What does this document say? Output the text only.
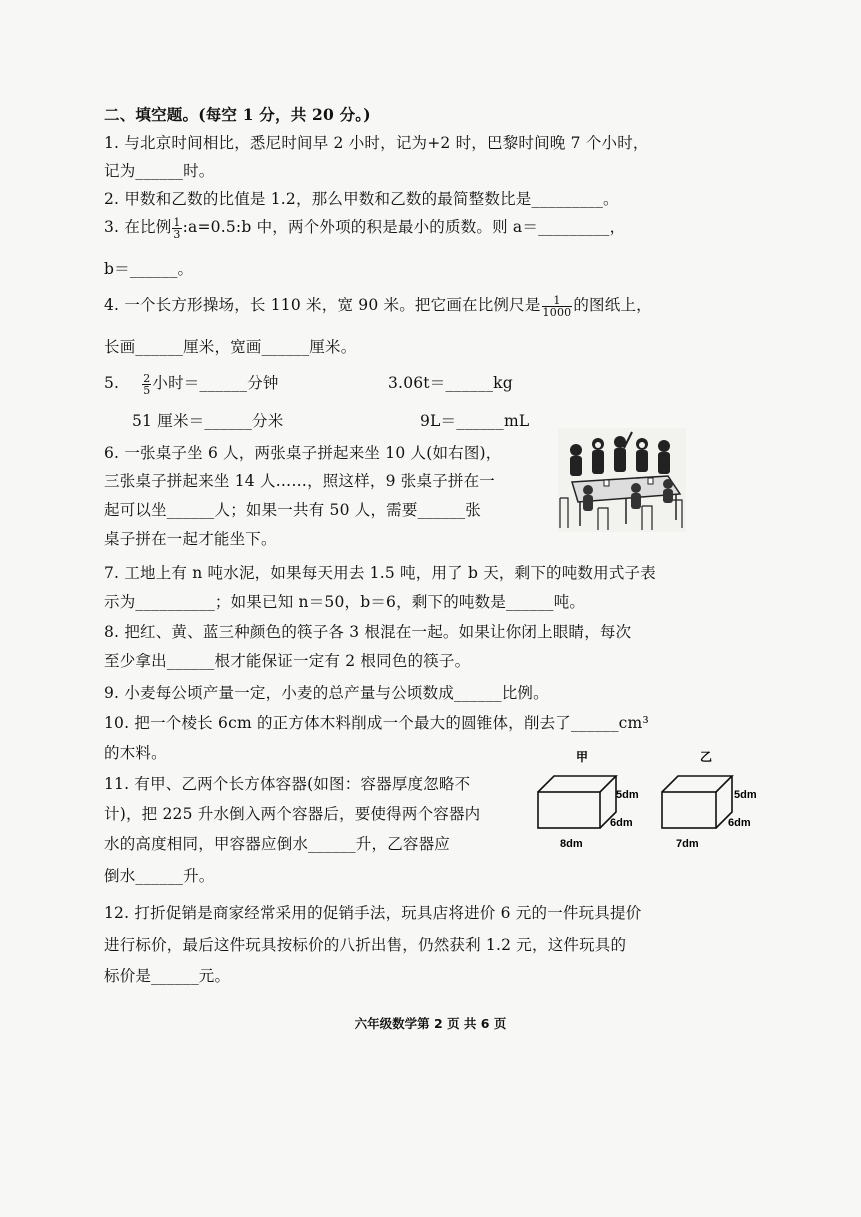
二、填空题。(每空 1 分，共 20 分。)
1. 与北京时间相比，悉尼时间早 2 小时，记为+2 时，巴黎时间晚 7 个小时，
记为______时。
2. 甲数和乙数的比值是 1.2，那么甲数和乙数的最简整数比是_________。
3. 在比例 $\frac{1}{3}$ :a=0.5:b 中，两个外项的积是最小的质数。则 a＝_________，
b＝______。
4. 一个长方形操场，长 110 米，宽 90 米。把它画在比例尺是 $\frac{1}{1000}$ 的图纸上，
长画______厘米，宽画______厘米。
5. $\frac{2}{5}$ 小时＝______分钟	3.06t＝______kg
51 厘米＝______分米	9L＝______mL
6. 一张桌子坐 6 人，两张桌子拼起来坐 10 人(如右图)，
三张桌子拼起来坐 14 人……，照这样，9 张桌子拼在一
起可以坐______人；如果一共有 50 人，需要______张
桌子拼在一起才能坐下。
7. 工地上有 n 吨水泥，如果每天用去 1.5 吨，用了 b 天，剩下的吨数用式子表
示为__________；如果已知 n＝50，b＝6，剩下的吨数是______吨。
8. 把红、黄、蓝三种颜色的筷子各 3 根混在一起。如果让你闭上眼睛，每次
至少拿出______根才能保证一定有 2 根同色的筷子。
9. 小麦每公顷产量一定，小麦的总产量与公顷数成______比例。
10. 把一个棱长 6cm 的正方体木料削成一个最大的圆锥体，削去了______cm³
的木料。
11. 有甲、乙两个长方体容器(如图：容器厚度忽略不
计)，把 225 升水倒入两个容器后，要使得两个容器内
水的高度相同，甲容器应倒水______升，乙容器应
倒水______升。
甲
5dm
6dm
8dm
乙
5dm
6dm
7dm
12. 打折促销是商家经常采用的促销手法，玩具店将进价 6 元的一件玩具提价
进行标价，最后这件玩具按标价的八折出售，仍然获利 1.2 元，这件玩具的
标价是______元。
六年级数学第 2 页 共 6 页
